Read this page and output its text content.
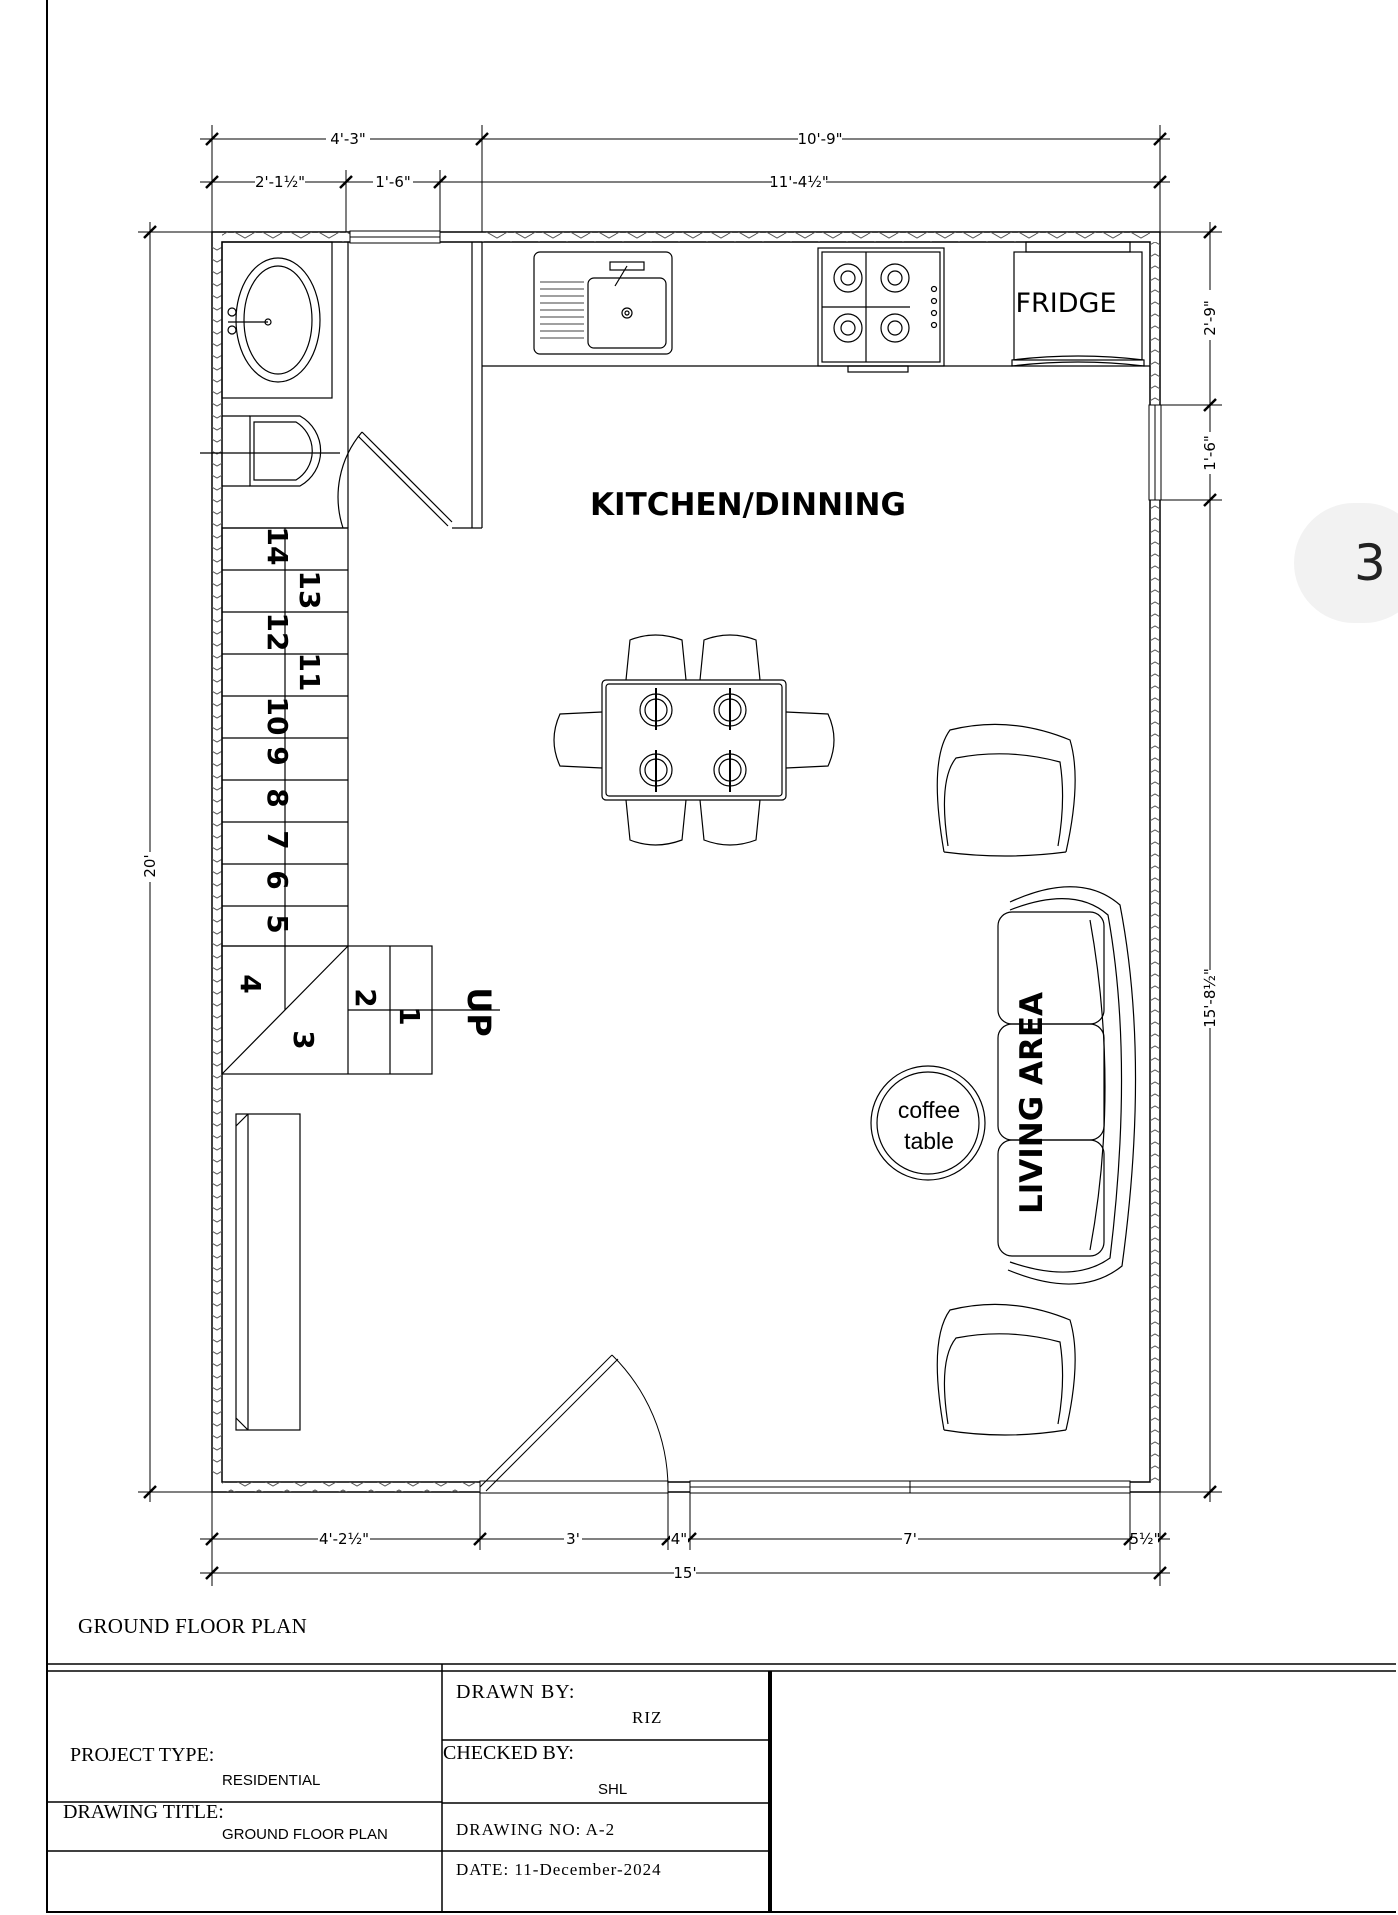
4'-3"	10'-9"
2'-1½"	1'-6"	11'-4½"
20'
2'-9"
1'-6"
15'-8½"
4'-2½"	3'	4"	7'	5½"
15'
1
2
3
4
5
6
7
8
9
10
11
12
13
14
UP
KITCHEN/DINNING
FRIDGE
coffee
table LIVING AREA
3
GROUND FLOOR PLAN
DRAWN BY:
RIZ
PROJECT TYPE:
RESIDENTIAL
CHECKED BY:
SHL
DRAWING TITLE:
GROUND FLOOR PLAN	DRAWING NO: A-2
DATE: 11-December-2024
